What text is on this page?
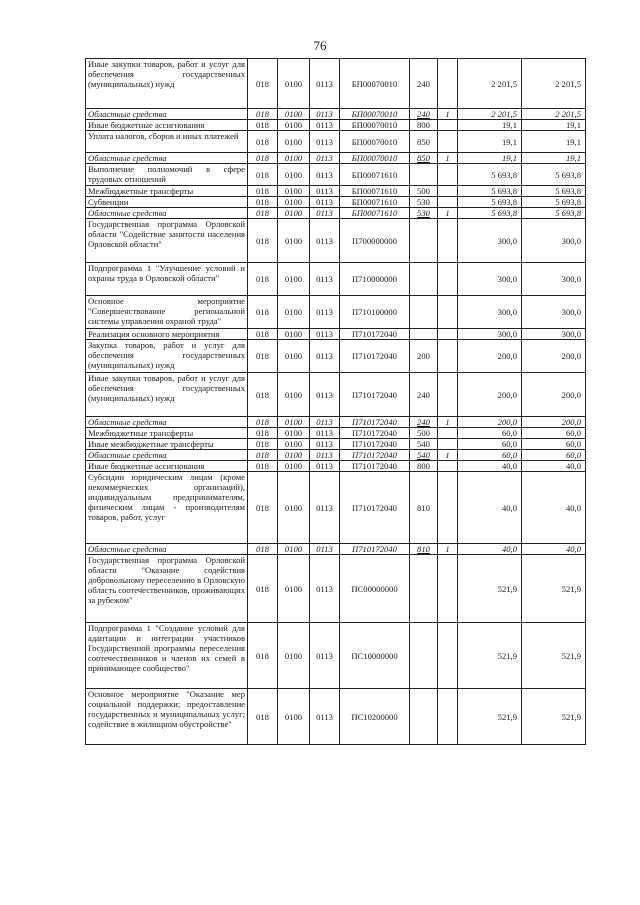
76
Иные закупки товаров, работ и услуг для обеспечения государственных (муниципальных) нужд	018	0100	0113	БП00070010	240		2 201,5	2 201,5
Областные средства	018	0100	0113	БП00070010	240	1	2 201,5	2 201,5
Иные бюджетные ассигнования	018	0100	0113	БП00070010	800		19,1	19,1
Уплата налогов, сборов и иных платежей	018	0100	0113	БП00070010	850		19,1	19,1
Областные средства	018	0100	0113	БП00070010	850	1	19,1	19,1
Выполнение полномочий в сфере трудовых отношений	018	0100	0113	БП00071610			5 693,8	5 693,8
Межбюджетные трансферты	018	0100	0113	БП00071610	500		5 693,8	5 693,8
Субвенции	018	0100	0113	БП00071610	530		5 693,8	5 693,8
Областные средства	018	0100	0113	БП00071610	530	1	5 693,8	5 693,8
Государственная программа Орловской области "Содействие занятости населения Орловской области"	018	0100	0113	П700000000			300,0	300,0
Подпрограмма 1 "Улучшение условий и охраны труда в Орловской области"	018	0100	0113	П710000000			300,0	300,0
Основное мероприятие "Совершенствование региональной системы управления охраной труда"	018	0100	0113	П710100000			300,0	300,0
Реализация основного мероприятия	018	0100	0113	П710172040			300,0	300,0
Закупка товаров, работ и услуг для обеспечения государственных (муниципальных) нужд	018	0100	0113	П710172040	200		200,0	200,0
Иные закупки товаров, работ и услуг для обеспечения государственных (муниципальных) нужд	018	0100	0113	П710172040	240		200,0	200,0
Областные средства	018	0100	0113	П710172040	240	1	200,0	200,0
Межбюджетные трансферты	018	0100	0113	П710172040	500		60,0	60,0
Иные межбюджетные трансферты	018	0100	0113	П710172040	540		60,0	60,0
Областные средства	018	0100	0113	П710172040	540	1	60,0	60,0
Иные бюджетные ассигнования	018	0100	0113	П710172040	800		40,0	40,0
Субсидии юридическим лицам (кроме некоммерческих организаций), индивидуальным предпринимателям, физическим лицам - производителям товаров, работ, услуг	018	0100	0113	П710172040	810		40,0	40,0
Областные средства	018	0100	0113	П710172040	810	1	40,0	40,0
Государственная программа Орловской области "Оказание содействия добровольному переселению в Орловскую область соотечественников, проживающих за рубежом"	018	0100	0113	ПС00000000			521,9	521,9
Подпрограмма 1 "Создание условий для адаптации и интеграции участников Государственной программы переселения соотечественников и членов их семей в принимающее сообщество"	018	0100	0113	ПС10000000			521,9	521,9
Основное мероприятие "Оказание мер социальной поддержки; предоставление государственных и муниципальных услуг; содействие в жилищном обустройстве"	018	0100	0113	ПС10200000			521,9	521,9
